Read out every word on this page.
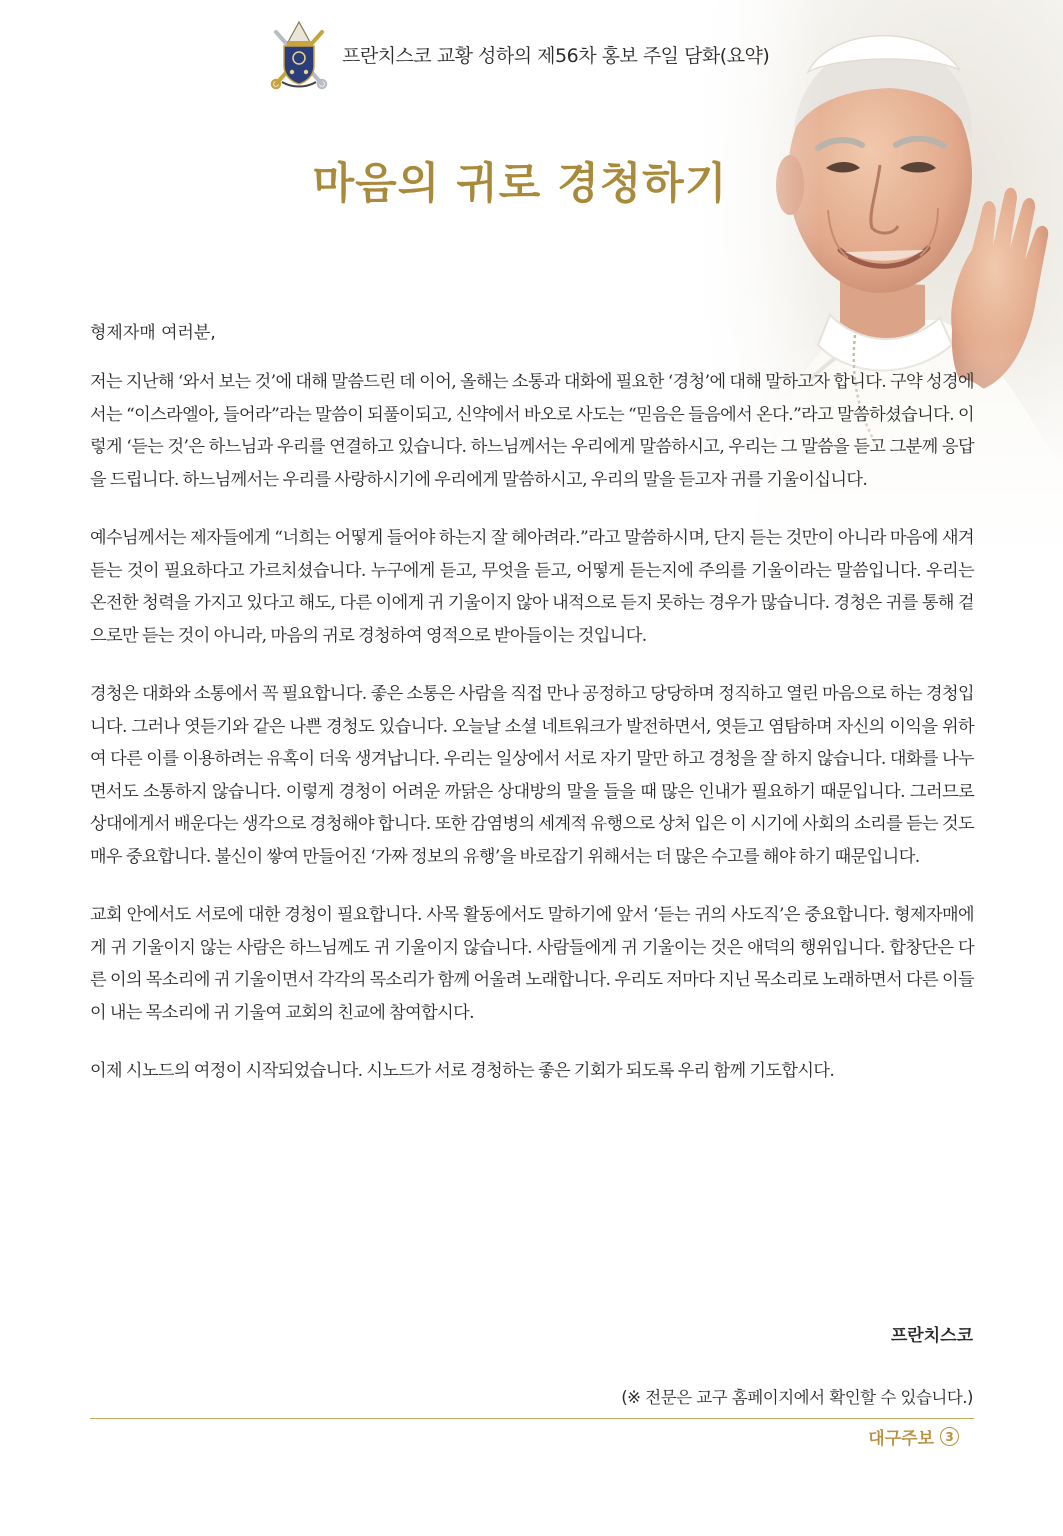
프란치스코 교황 성하의 제56차 홍보 주일 담화(요약)
마음의 귀로 경청하기
형제자매 여러분,

저는 지난해 ‘와서 보는 것’에 대해 말씀드린 데 이어, 올해는 소통과 대화에 필요한 ‘경청’에 대해 말하고자 합니다. 구약 성경에서는 “이스라엘아, 들어라”라는 말씀이 되풀이되고, 신약에서 바오로 사도는 “믿음은 들음에서 온다.”라고 말씀하셨습니다. 이렇게 ‘듣는 것’은 하느님과 우리를 연결하고 있습니다. 하느님께서는 우리에게 말씀하시고, 우리는 그 말씀을 듣고 그분께 응답을 드립니다. 하느님께서는 우리를 사랑하시기에 우리에게 말씀하시고, 우리의 말을 듣고자 귀를 기울이십니다.

예수님께서는 제자들에게 “너희는 어떻게 들어야 하는지 잘 헤아려라.”라고 말씀하시며, 단지 듣는 것만이 아니라 마음에 새겨듣는 것이 필요하다고 가르치셨습니다. 누구에게 듣고, 무엇을 듣고, 어떻게 듣는지에 주의를 기울이라는 말씀입니다. 우리는 온전한 청력을 가지고 있다고 해도, 다른 이에게 귀 기울이지 않아 내적으로 듣지 못하는 경우가 많습니다. 경청은 귀를 통해 겉으로만 듣는 것이 아니라, 마음의 귀로 경청하여 영적으로 받아들이는 것입니다.

경청은 대화와 소통에서 꼭 필요합니다. 좋은 소통은 사람을 직접 만나 공정하고 당당하며 정직하고 열린 마음으로 하는 경청입니다. 그러나 엿듣기와 같은 나쁜 경청도 있습니다. 오늘날 소셜 네트워크가 발전하면서, 엿듣고 염탐하며 자신의 이익을 위하여 다른 이를 이용하려는 유혹이 더욱 생겨납니다. 우리는 일상에서 서로 자기 말만 하고 경청을 잘 하지 않습니다. 대화를 나누면서도 소통하지 않습니다. 이렇게 경청이 어려운 까닭은 상대방의 말을 들을 때 많은 인내가 필요하기 때문입니다. 그러므로 상대에게서 배운다는 생각으로 경청해야 합니다. 또한 감염병의 세계적 유행으로 상처 입은 이 시기에 사회의 소리를 듣는 것도 매우 중요합니다. 불신이 쌓여 만들어진 ‘가짜 정보의 유행’을 바로잡기 위해서는 더 많은 수고를 해야 하기 때문입니다.

교회 안에서도 서로에 대한 경청이 필요합니다. 사목 활동에서도 말하기에 앞서 ‘듣는 귀의 사도직’은 중요합니다. 형제자매에게 귀 기울이지 않는 사람은 하느님께도 귀 기울이지 않습니다. 사람들에게 귀 기울이는 것은 애덕의 행위입니다. 합창단은 다른 이의 목소리에 귀 기울이면서 각각의 목소리가 함께 어울려 노래합니다. 우리도 저마다 지닌 목소리로 노래하면서 다른 이들이 내는 목소리에 귀 기울여 교회의 친교에 참여합시다.

이제 시노드의 여정이 시작되었습니다. 시노드가 서로 경청하는 좋은 기회가 되도록 우리 함께 기도합시다.

프란치스코
(※ 전문은 교구 홈페이지에서 확인할 수 있습니다.)
대구주보 3
